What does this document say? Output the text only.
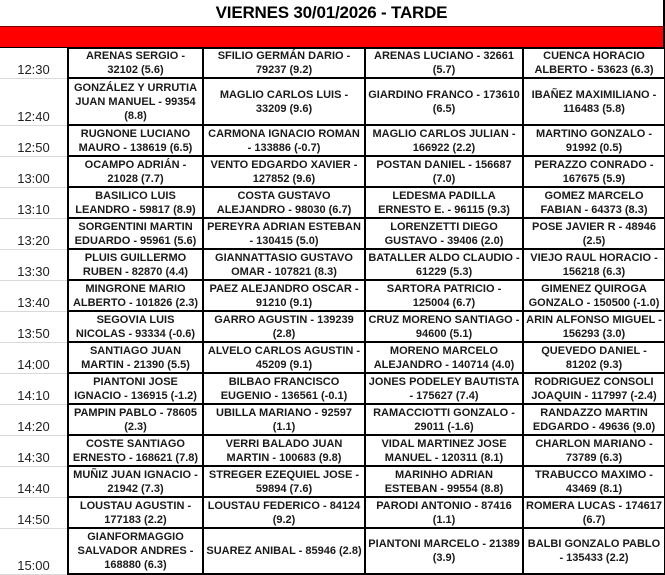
VIERNES 30/01/2026 - TARDE
12:30	ARENAS SERGIO - 32102 (5.6)	SFILIO GERMÁN DARIO - 79237 (9.2)	ARENAS LUCIANO - 32661 (5.7)	CUENCA HORACIO ALBERTO - 53623 (6.3)
12:40	GONZÁLEZ Y URRUTIA JUAN MANUEL - 99354 (8.8)	MAGLIO CARLOS LUIS - 33209 (9.6)	GIARDINO FRANCO - 173610 (6.5)	IBAÑEZ MAXIMILIANO - 116483 (5.8)
12:50	RUGNONE LUCIANO MAURO - 138619 (6.5)	CARMONA IGNACIO ROMAN - 133886 (-0.7)	MAGLIO CARLOS JULIAN - 166922 (2.2)	MARTINO GONZALO - 91992 (0.5)
13:00	OCAMPO ADRIÁN - 21028 (7.7)	VENTO EDGARDO XAVIER - 127852 (9.6)	POSTAN DANIEL - 156687 (7.0)	PERAZZO CONRADO - 167675 (5.9)
13:10	BASILICO LUIS LEANDRO - 59817 (8.9)	COSTA GUSTAVO ALEJANDRO - 98030 (6.7)	LEDESMA PADILLA ERNESTO E. - 96115 (9.3)	GOMEZ MARCELO FABIAN - 64373 (8.3)
13:20	SORGENTINI MARTIN EDUARDO - 95961 (5.6)	PEREYRA ADRIAN ESTEBAN - 130415 (5.0)	LORENZETTI DIEGO GUSTAVO - 39406 (2.0)	POSE JAVIER R - 48946 (2.5)
13:30	PLUIS GUILLERMO RUBEN - 82870 (4.4)	GIANNATTASIO GUSTAVO OMAR - 107821 (8.3)	BATALLER ALDO CLAUDIO - 61229 (5.3)	VIEJO RAUL HORACIO - 156218 (6.3)
13:40	MINGRONE MARIO ALBERTO - 101826 (2.3)	PAEZ ALEJANDRO OSCAR - 91210 (9.1)	SARTORA PATRICIO - 125004 (6.7)	GIMENEZ QUIROGA GONZALO - 150500 (-1.0)
13:50	SEGOVIA LUIS NICOLAS - 93334 (-0.6)	GARRO AGUSTIN - 139239 (2.8)	CRUZ MORENO SANTIAGO - 94600 (5.1)	ARIN ALFONSO MIGUEL - 156293 (3.0)
14:00	SANTIAGO JUAN MARTIN - 21390 (5.5)	ALVELO CARLOS AGUSTIN - 45209 (9.1)	MORENO MARCELO ALEJANDRO - 140714 (4.0)	QUEVEDO DANIEL - 81202 (9.3)
14:10	PIANTONI JOSE IGNACIO - 136915 (-1.2)	BILBAO FRANCISCO EUGENIO - 136561 (-0.1)	JONES PODELEY BAUTISTA - 175627 (7.4)	RODRIGUEZ CONSOLI JOAQUIN - 117997 (-2.4)
14:20	PAMPIN PABLO - 78605 (2.3)	UBILLA MARIANO - 92597 (1.1)	RAMACCIOTTI GONZALO - 29011 (-1.6)	RANDAZZO MARTIN EDGARDO - 49636 (9.0)
14:30	COSTE SANTIAGO ERNESTO - 168621 (7.8)	VERRI BALADO JUAN MARTIN - 100683 (9.8)	VIDAL MARTINEZ JOSE MANUEL - 120311 (8.1)	CHARLON MARIANO - 73789 (6.3)
14:40	MUÑIZ JUAN IGNACIO - 21942 (7.3)	STREGER EZEQUIEL JOSE - 59894 (7.6)	MARINHO ADRIAN ESTEBAN - 99554 (8.8)	TRABUCCO MAXIMO - 43469 (8.1)
14:50	LOUSTAU AGUSTIN - 177183 (2.2)	LOUSTAU FEDERICO - 84124 (9.2)	PARODI ANTONIO - 87416 (1.1)	ROMERA LUCAS - 174617 (6.7)
15:00	GIANFORMAGGIO SALVADOR ANDRES - 168880 (6.3)	SUAREZ ANIBAL - 85946 (2.8)	PIANTONI MARCELO - 21389 (3.9)	BALBI GONZALO PABLO - 135433 (2.2)
